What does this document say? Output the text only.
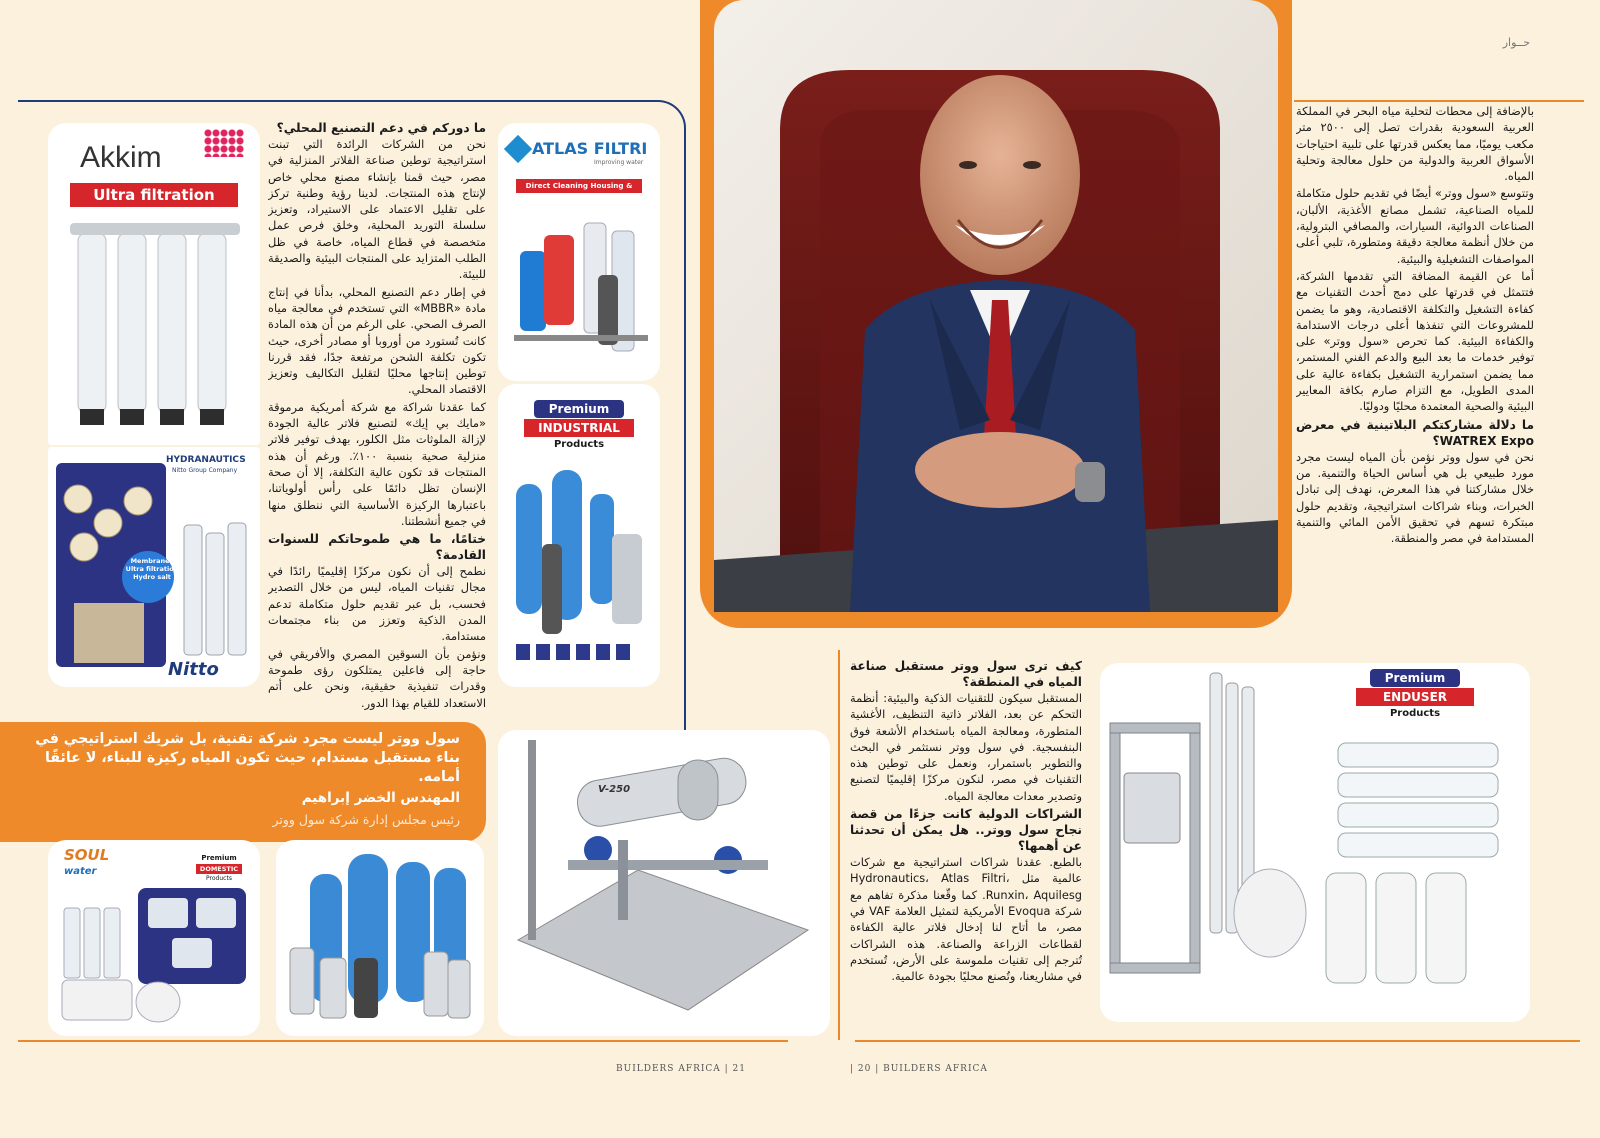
حــوار

بالإضافة إلى محطات لتحلية مياه البحر في المملكة العربية السعودية بقدرات تصل إلى ٢٥٠٠ متر مكعب يوميًا، مما يعكس قدرتها على تلبية احتياجات الأسواق العربية والدولية من حلول معالجة وتحلية المياه.

وتتوسع «سول ووتر» أيضًا في تقديم حلول متكاملة للمياه الصناعية، تشمل مصانع الأغذية، الألبان، الصناعات الدوائية، السيارات، والمصافي البترولية، من خلال أنظمة معالجة دقيقة ومتطورة، تلبي أعلى المواصفات التشغيلية والبيئية.

أما عن القيمة المضافة التي تقدمها الشركة، فتتمثل في قدرتها على دمج أحدث التقنيات مع كفاءة التشغيل والتكلفة الاقتصادية، وهو ما يضمن للمشروعات التي تنفذها أعلى درجات الاستدامة والكفاءة البيئية. كما تحرص «سول ووتر» على توفير خدمات ما بعد البيع والدعم الفني المستمر، مما يضمن استمرارية التشغيل بكفاءة عالية على المدى الطويل، مع التزام صارم بكافة المعايير البيئية والصحية المعتمدة محليًا ودوليًا.

ما دلالة مشاركتكم البلاتينية في معرض WATREX Expo؟

نحن في سول ووتر نؤمن بأن المياه ليست مجرد مورد طبيعي بل هي أساس الحياة والتنمية. من خلال مشاركتنا في هذا المعرض، نهدف إلى تبادل الخبرات، وبناء شراكات استراتيجية، وتقديم حلول مبتكرة تسهم في تحقيق الأمن المائي والتنمية المستدامة في مصر والمنطقة.

كيف ترى سول ووتر مستقبل صناعة المياه في المنطقة؟

المستقبل سيكون للتقنيات الذكية والبيئية: أنظمة التحكم عن بعد، الفلاتر ذاتية التنظيف، الأغشية المتطورة، ومعالجة المياه باستخدام الأشعة فوق البنفسجية. في سول ووتر نستثمر في البحث والتطوير باستمرار، ونعمل على توطين هذه التقنيات في مصر، لنكون مركزًا إقليميًا لتصنيع وتصدير معدات معالجة المياه.

الشراكات الدولية كانت جزءًا من قصة نجاح سول ووتر.. هل يمكن أن تحدثنا عن أهمها؟

بالطبع. عقدنا شراكات استراتيجية مع شركات عالمية مثل Hydronautics، Atlas Filtri، Runxin، Aquilesg. كما وقّعنا مذكرة تفاهم مع شركة Evoqua الأمريكية لتمثيل العلامة VAF في مصر، ما أتاح لنا إدخال فلاتر عالية الكفاءة لقطاعات الزراعة والصناعة. هذه الشراكات تُترجم إلى تقنيات ملموسة على الأرض، تُستخدم في مشاريعنا، وتُصنع محليًا بجودة عالمية.

ما دوركم في دعم التصنيع المحلي؟

نحن من الشركات الرائدة التي تبنت استراتيجية توطين صناعة الفلاتر المنزلية في مصر، حيث قمنا بإنشاء مصنع محلي خاص لإنتاج هذه المنتجات. لدينا رؤية وطنية تركز على تقليل الاعتماد على الاستيراد، وتعزيز سلسلة التوريد المحلية، وخلق فرص عمل متخصصة في قطاع المياه، خاصة في ظل الطلب المتزايد على المنتجات البيئية والصديقة للبيئة.

في إطار دعم التصنيع المحلي، بدأنا في إنتاج مادة «MBBR» التي تستخدم في معالجة مياه الصرف الصحي. على الرغم من أن هذه المادة كانت تُستورد من أوروبا أو مصادر أخرى، حيث تكون تكلفة الشحن مرتفعة جدًا، فقد قررنا توطين إنتاجها محليًا لتقليل التكاليف وتعزيز الاقتصاد المحلي.

كما عقدنا شراكة مع شركة أمريكية مرموقة «مايك بي إيك» لتصنيع فلاتر عالية الجودة لإزالة الملوثات مثل الكلور، بهدف توفير فلاتر منزلية صحية بنسبة ١٠٠٪. ورغم أن هذه المنتجات قد تكون عالية التكلفة، إلا أن صحة الإنسان تظل دائمًا على رأس أولوياتنا، باعتبارها الركيزة الأساسية التي ننطلق منها في جميع أنشطتنا.

ختامًا، ما هي طموحاتكم للسنوات القادمة؟

نطمح إلى أن نكون مركزًا إقليميًا رائدًا في مجال تقنيات المياه، ليس من خلال التصدير فحسب، بل عبر تقديم حلول متكاملة تدعم المدن الذكية وتعزز من بناء مجتمعات مستدامة.

ونؤمن بأن السوقين المصري والأفريقي في حاجة إلى فاعلين يمتلكون رؤى طموحة وقدرات تنفيذية حقيقية، ونحن على أتم الاستعداد للقيام بهذا الدور.

سول ووتر ليست مجرد شركة تقنية، بل شريك استراتيجي في بناء مستقبل مستدام، حيث تكون المياه ركيزة للبناء، لا عائقًا أمامه.
المهندس الخضر إبراهيم
رئيس مجلس إدارة شركة سول ووتر
Akkim
Ultra filtration
HYDRANAUTICS
Nitto Group Company
Membranes Ultra filtration Hydro salt
Nitto
ATLAS FILTRI
Improving water
Direct Cleaning Housing & Filter
Premium
INDUSTRIAL
Products
V-250
SOUL
water
Premium
DOMESTIC
Products
Premium
ENDUSER
Products
BUILDERS AFRICA | 21	| 20 | BUILDERS AFRICA
